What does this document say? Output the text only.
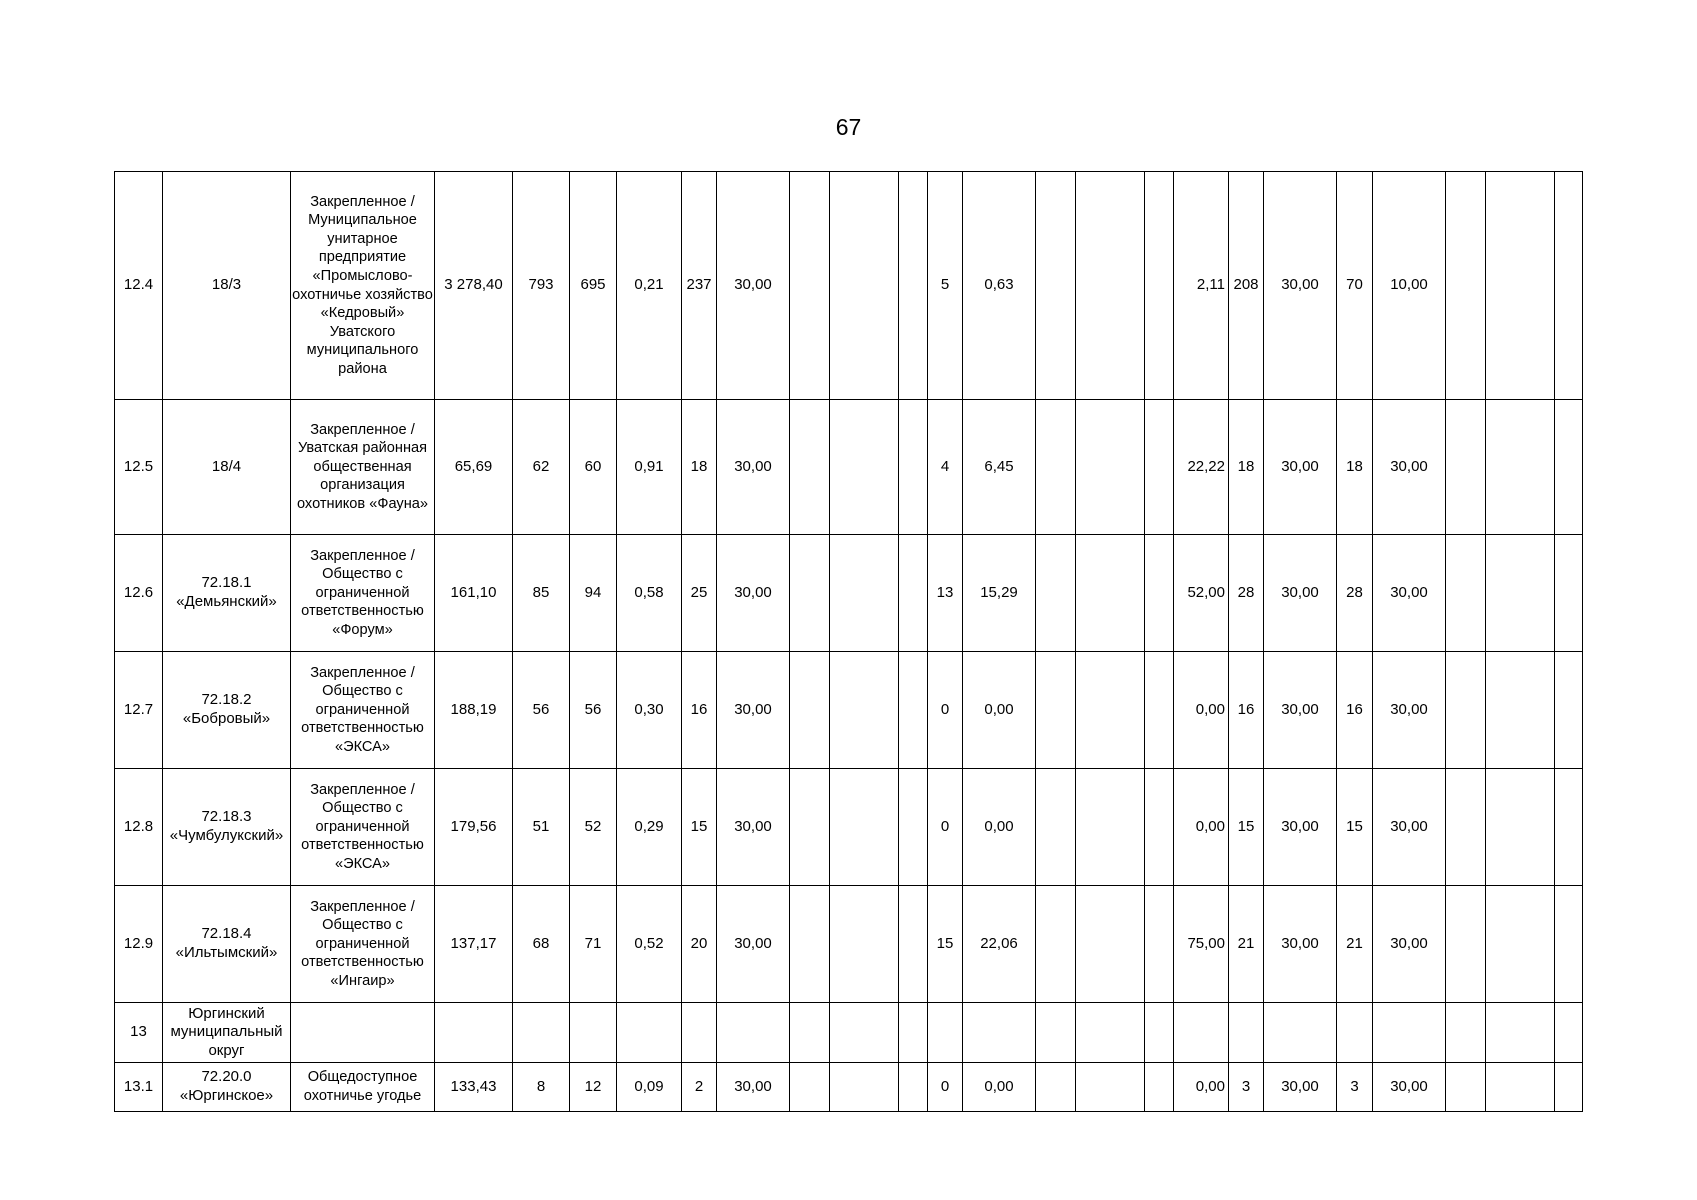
67
12.4	18/3	Закрепленное / Муниципальное унитарное предприятие «Промыслово-охотничье хозяйство «Кедровый» Уватского муниципального района	3 278,40	793	695	0,21	237	30,00				5	0,63				2,11	208	30,00	70	10,00			
12.5	18/4	Закрепленное / Уватская районная общественная организация охотников «Фауна»	65,69	62	60	0,91	18	30,00				4	6,45				22,22	18	30,00	18	30,00			
12.6	72.18.1 «Демьянский»	Закрепленное / Общество с ограниченной ответственностью «Форум»	161,10	85	94	0,58	25	30,00				13	15,29				52,00	28	30,00	28	30,00			
12.7	72.18.2 «Бобровый»	Закрепленное / Общество с ограниченной ответственностью «ЭКСА»	188,19	56	56	0,30	16	30,00				0	0,00				0,00	16	30,00	16	30,00			
12.8	72.18.3 «Чумбулукский»	Закрепленное / Общество с ограниченной ответственностью «ЭКСА»	179,56	51	52	0,29	15	30,00				0	0,00				0,00	15	30,00	15	30,00			
12.9	72.18.4 «Ильтымский»	Закрепленное / Общество с ограниченной ответственностью «Ингаир»	137,17	68	71	0,52	20	30,00				15	22,06				75,00	21	30,00	21	30,00			
13	Юргинский муниципальный округ																							
13.1	72.20.0 «Юргинское»	Общедоступное охотничье угодье	133,43	8	12	0,09	2	30,00				0	0,00				0,00	3	30,00	3	30,00			
